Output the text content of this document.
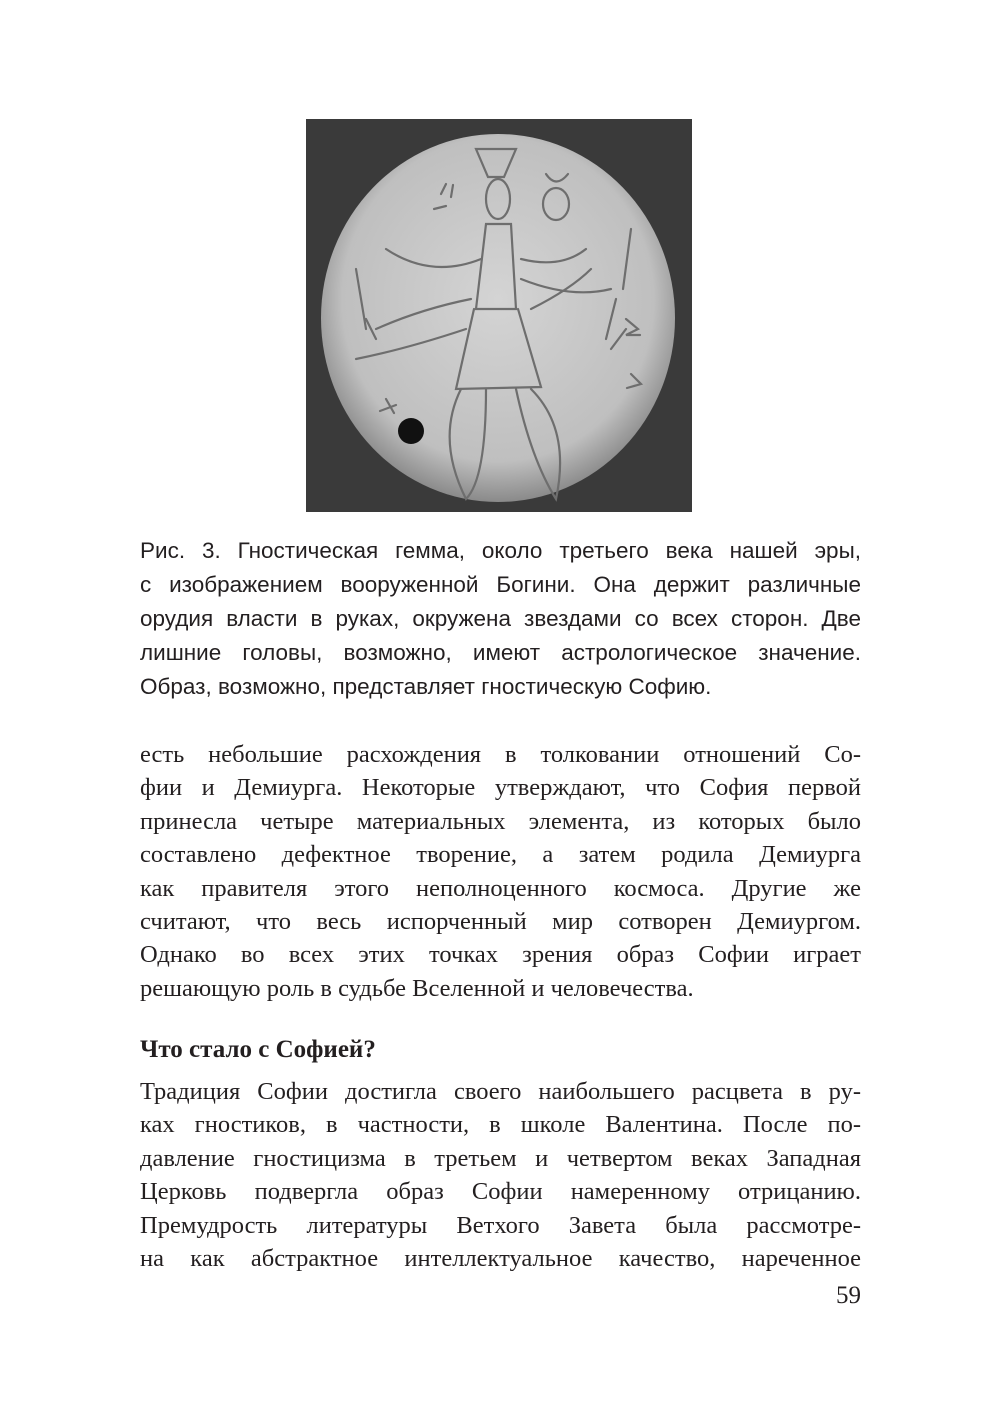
Рис. 3. Гностическая гемма, около третьего века нашей эры,
с изображением вооруженной Богини. Она держит различные
орудия власти в руках, окружена звездами со всех сторон. Две
лишние головы, возможно, имеют астрологическое значение.
Образ, возможно, представляет гностическую Софию.
есть небольшие расхождения в толковании отношений Со-
фии и Демиурга. Некоторые утверждают, что София первой
принесла четыре материальных элемента, из которых было
составлено дефектное творение, а затем родила Демиурга
как правителя этого неполноценного космоса. Другие же
считают, что весь испорченный мир сотворен Демиургом.
Однако во всех этих точках зрения образ Софии играет
решающую роль в судьбе Вселенной и человечества.
Что стало с Софией?
Традиция Софии достигла своего наибольшего расцвета в ру-
ках гностиков, в частности, в школе Валентина. После по-
давление гностицизма в третьем и четвертом веках Западная
Церковь подвергла образ Софии намеренному отрицанию.
Премудрость литературы Ветхого Завета была рассмотре-
на как абстрактное интеллектуальное качество, нареченное
59
